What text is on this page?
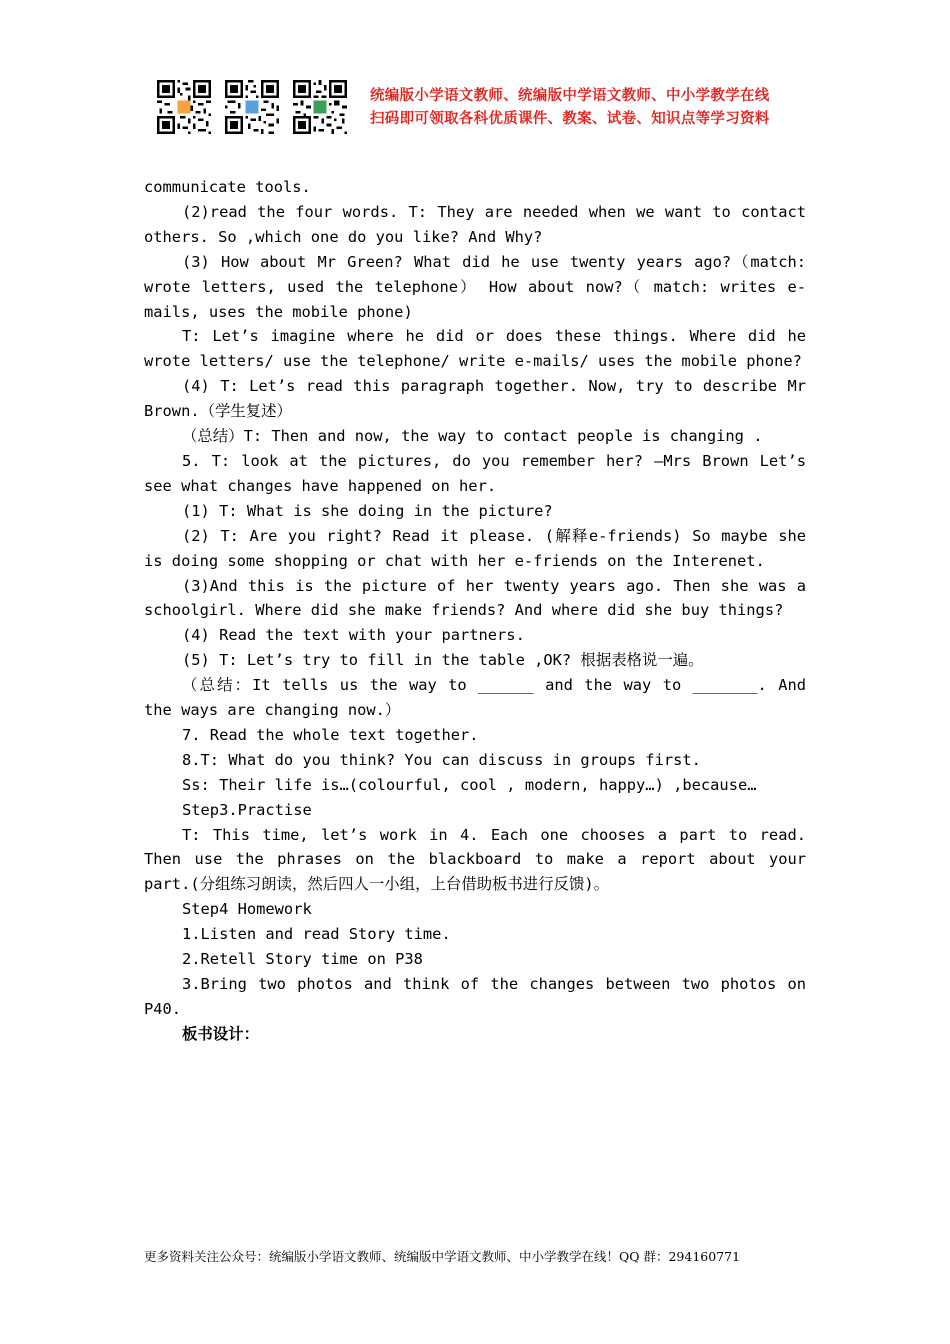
统编版小学语文教师、统编版中学语文教师、中小学教学在线
扫码即可领取各科优质课件、教案、试卷、知识点等学习资料

communicate tools.

(2)read the four words. T: They are needed when we want to contact others. So ,which one do you like? And Why?

(3) How about Mr Green? What did he use twenty years ago?（match: wrote letters, used the telephone） How about now?（ match: writes e-mails, uses the mobile phone)

T: Let’s imagine where he did or does these things. Where did he wrote letters/ use the telephone/ write e-mails/ uses the mobile phone?

(4) T: Let’s read this paragraph together. Now, try to describe Mr Brown.（学生复述）

（总结）T: Then and now, the way to contact people is changing .

5. T: look at the pictures, do you remember her? —Mrs Brown Let’s see what changes have happened on her.

(1) T: What is she doing in the picture?

(2) T: Are you right? Read it please. (解释e-friends) So maybe she is doing some shopping or chat with her e-friends on the Interenet.

(3)And this is the picture of her twenty years ago. Then she was a schoolgirl. Where did she make friends? And where did she buy things?

(4) Read the text with your partners.

(5) T: Let’s try to fill in the table ,OK? 根据表格说一遍。

（总结：It tells us the way to ______ and the way to _______. And the ways are changing now.）

7. Read the whole text together.

8.T: What do you think? You can discuss in groups first.

Ss: Their life is…(colourful, cool , modern, happy…) ,because…

Step3.Practise

T: This time, let’s work in 4. Each one chooses a part to read. Then use the phrases on the blackboard to make a report about your part.(分组练习朗读，然后四人一小组，上台借助板书进行反馈)。

Step4 Homework

1.Listen and read Story time.

2.Retell Story time on P38

3.Bring two photos and think of the changes between two photos on P40.

板书设计：

更多资料关注公众号：统编版小学语文教师、统编版中学语文教师、中小学教学在线！QQ 群：294160771
